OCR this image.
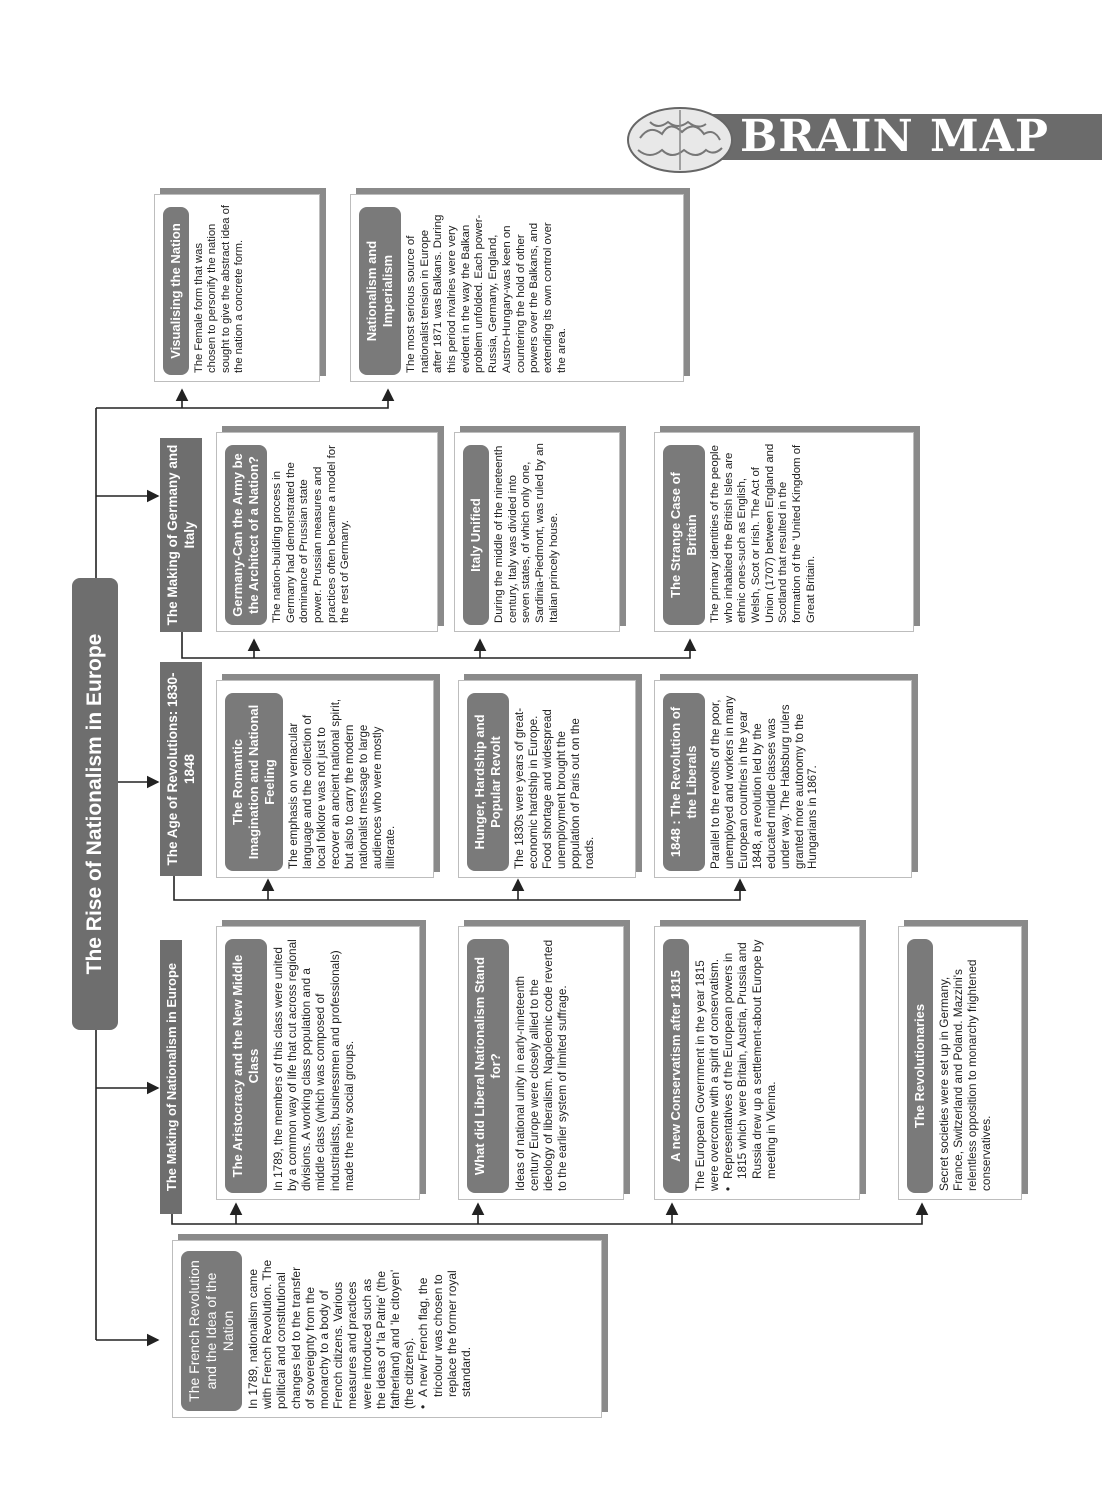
BRAIN MAP
The Rise of Nationalism in Europe
The French Revolution and the Idea of the Nation In 1789, nationalism came with French Revolution. The political and constitutional changes led to the transfer of sovereignty from the monarchy to a body of French citizens. Various measures and practices were introduced such as the ideas of 'la Patrie' (the fatherland) and 'le citoyen' (the citizens). • A new French flag, the tricolour was chosen to replace the former royal standard.
The Making of Nationalism in Europe	The Aristocracy and the New Middle Class In 1789, the members of this class were united by a common way of life that cut across regional divisions. A working class population and a middle class (which was composed of industrialists, businessmen and professionals) made the new social groups.	What did Liberal Nationalism Stand for? Ideas of national unity in early-nineteenth century Europe were closely allied to the ideology of liberalism. Napoleonic code reverted to the earlier system of limited suffrage.	A new Conservatism after 1815 The European Government in the year 1815 were overcome with a spirit of conservatism. • Representatives of the European powers in 1815 which were Britain, Austria, Prussia and Russia drew up a settlement-about Europe by meeting in Vienna.
The Revolutionaries Secret societies were set up in Germany, France, Switzerland and Poland. Mazzini's relentless opposition to monarchy frightened conservatives.
The Age of Revolutions: 1830-1848	The Romantic Imagination and National Feeling The emphasis on vernacular language and the collection of local folklore was not just to recover an ancient national spirit, but also to carry the modern nationalist message to large audiences who were mostly illiterate.	Hunger, Hardship and Popular Revolt The 1830s were years of great-economic hardship in Europe. Food shortage and widespread unemployment brought the population of Paris out on the roads.	1848 : The Revolution of the Liberals Parallel to the revolts of the poor, unemployed and workers in many European countries in the year 1848, a revolution led by the educated middle classes was under way. The Habsburg rulers granted more autonomy to the Hungarians in 1867.
The Making of Germany and Italy	Germany-Can the Army be the Architect of a Nation? The nation-building process in Germany had demonstrated the dominance of Prussian state power. Prussian measures and practices often became a model for the rest of Germany.	Italy Unified During the middle of the nineteenth century, Italy was divided into seven states, of which only one, Sardinia-Piedmont, was ruled by an Italian princely house.	The Strange Case of Britain The primary identities of the people who inhabited the British Isles are ethnic ones-such as English, Welsh, Scot or Irish. The Act of Union (1707) between England and Scotland that resulted in the formation of the 'United Kingdom of Great Britain.
Visualising the Nation The Female form that was chosen to personify the nation sought to give the abstract idea of the nation a concrete form.	Nationalism and Imperialism The most serious source of nationalist tension in Europe after 1871 was Balkans. During this period rivalries were very evident in the way the Balkan problem unfolded. Each power-Russia, Germany, England, Austro-Hungary-was keen on countering the hold of other powers over the Balkans, and extending its own control over the area.
